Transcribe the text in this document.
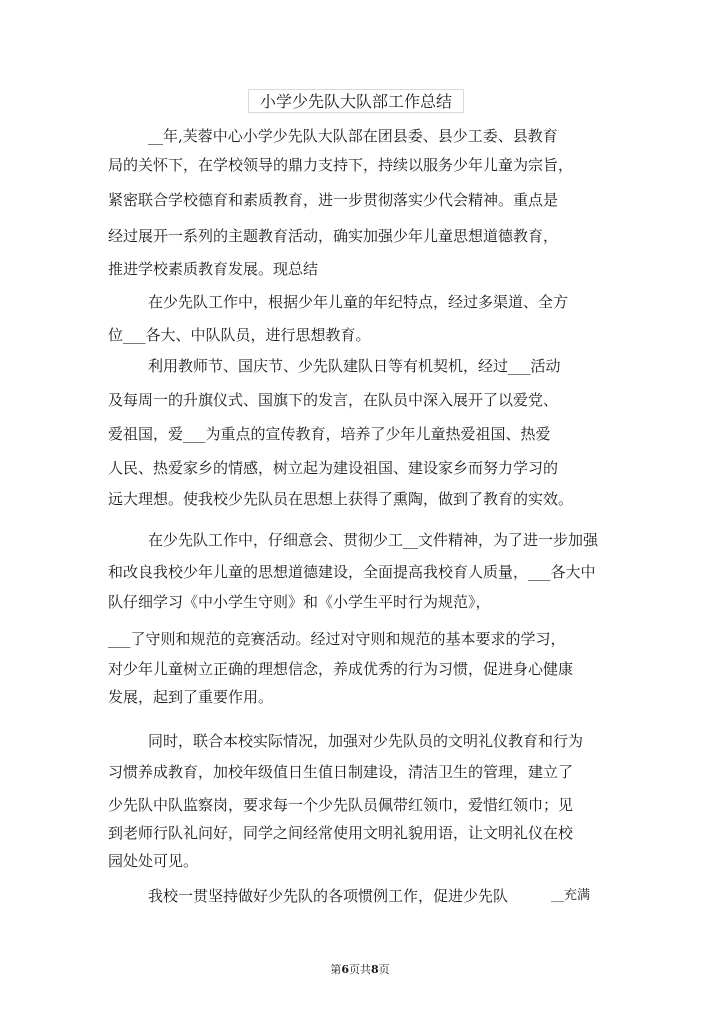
小学少先队大队部工作总结
__年,芙蓉中心小学少先队大队部在团县委、县少工委、县教育
局的关怀下，在学校领导的鼎力支持下，持续以服务少年儿童为宗旨，
紧密联合学校德育和素质教育，进一步贯彻落实少代会精神。重点是
经过展开一系列的主题教育活动，确实加强少年儿童思想道德教育，
推进学校素质教育发展。现总结
在少先队工作中，根据少年儿童的年纪特点，经过多渠道、全方
位___各大、中队队员，进行思想教育。
利用教师节、国庆节、少先队建队日等有机契机，经过___活动
及每周一的升旗仪式、国旗下的发言，在队员中深入展开了以爱党、
爱祖国，爱___为重点的宣传教育，培养了少年儿童热爱祖国、热爱
人民、热爱家乡的情感，树立起为建设祖国、建设家乡而努力学习的
远大理想。使我校少先队员在思想上获得了熏陶，做到了教育的实效。
在少先队工作中，仔细意会、贯彻少工__文件精神，为了进一步加强
和改良我校少年儿童的思想道德建设，全面提高我校育人质量，___各大中
队仔细学习《中小学生守则》和《小学生平时行为规范》，
___了守则和规范的竞赛活动。经过对守则和规范的基本要求的学习，
对少年儿童树立正确的理想信念，养成优秀的行为习惯，促进身心健康
发展，起到了重要作用。
同时，联合本校实际情况，加强对少先队员的文明礼仪教育和行为
习惯养成教育，加校年级值日生值日制建设，清洁卫生的管理，建立了
少先队中队监察岗，要求每一个少先队员佩带红领巾，爱惜红领巾；见
到老师行队礼问好，同学之间经常使用文明礼貌用语，让文明礼仪在校
园处处可见。
我校一贯坚持做好少先队的各项惯例工作，促进少先队	__充满
第6页共8页
